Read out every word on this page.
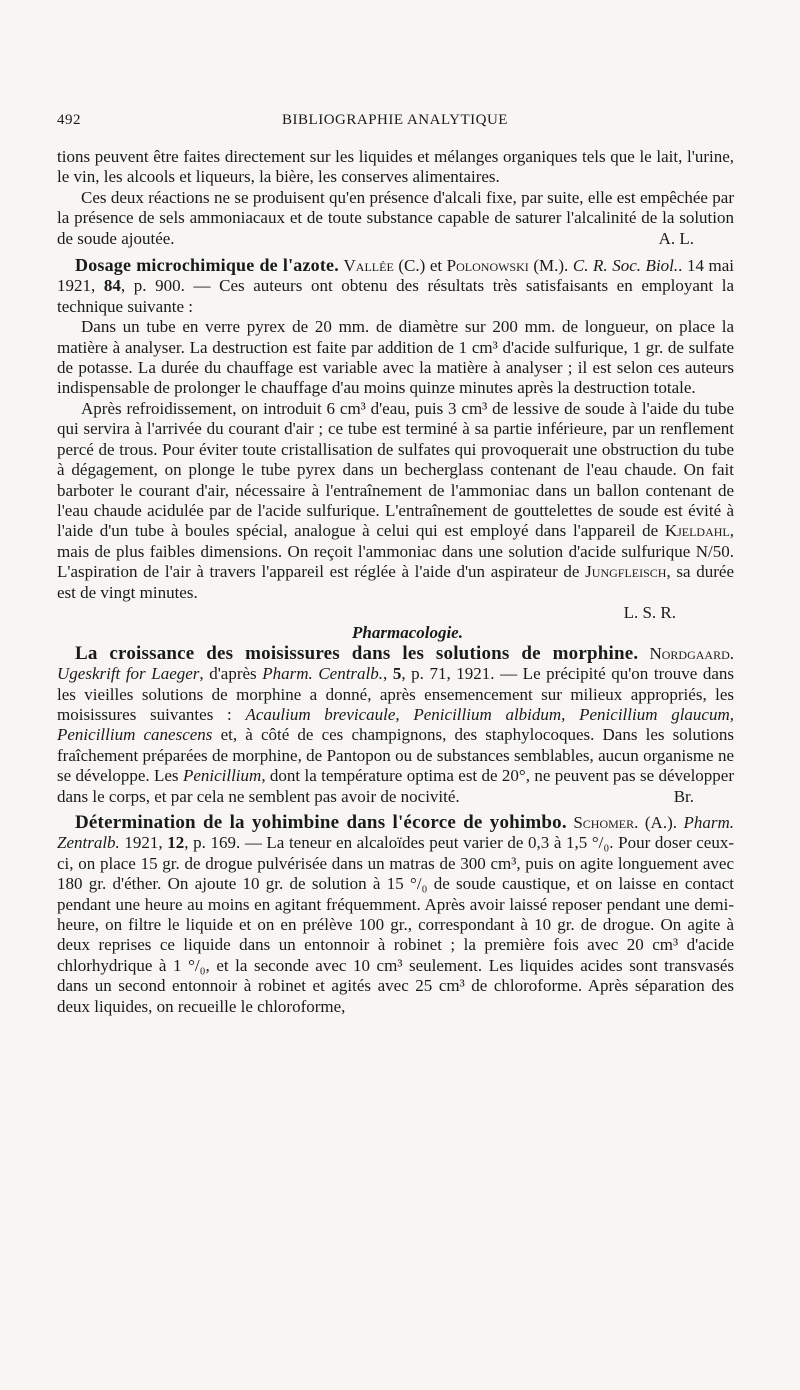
492	BIBLIOGRAPHIE ANALYTIQUE

tions peuvent être faites directement sur les liquides et mélanges organiques tels que le lait, l'urine, le vin, les alcools et liqueurs, la bière, les conserves alimentaires.

Ces deux réactions ne se produisent qu'en présence d'alcali fixe, par suite, elle est empêchée par la présence de sels ammoniacaux et de toute substance capable de saturer l'alcalinité de la solution de soude ajoutée.	A. L.

Dosage microchimique de l'azote. Vallée (C.) et Polonowski (M.). C. R. Soc. Biol.. 14 mai 1921, 84, p. 900. — Ces auteurs ont obtenu des résultats très satisfaisants en employant la technique suivante :

Dans un tube en verre pyrex de 20 mm. de diamètre sur 200 mm. de longueur, on place la matière à analyser. La destruction est faite par addition de 1 cm³ d'acide sulfurique, 1 gr. de sulfate de potasse. La durée du chauffage est variable avec la matière à analyser ; il est selon ces auteurs indispensable de prolonger le chauffage d'au moins quinze minutes après la destruction totale.

Après refroidissement, on introduit 6 cm³ d'eau, puis 3 cm³ de lessive de soude à l'aide du tube qui servira à l'arrivée du courant d'air ; ce tube est terminé à sa partie inférieure, par un renflement percé de trous. Pour éviter toute cristallisation de sulfates qui provoquerait une obstruction du tube à dégagement, on plonge le tube pyrex dans un becherglass contenant de l'eau chaude. On fait barboter le courant d'air, nécessaire à l'entraînement de l'ammoniac dans un ballon contenant de l'eau chaude acidulée par de l'acide sulfurique. L'entraînement de gouttelettes de soude est évité à l'aide d'un tube à boules spécial, analogue à celui qui est employé dans l'appareil de Kjeldahl, mais de plus faibles dimensions. On reçoit l'ammoniac dans une solution d'acide sulfurique N/50. L'aspiration de l'air à travers l'appareil est réglée à l'aide d'un aspirateur de Jungfleisch, sa durée est de vingt minutes.

L. S. R.

Pharmacologie.

La croissance des moisissures dans les solutions de morphine. Nordgaard. Ugeskrift for Laeger, d'après Pharm. Centralb., 5, p. 71, 1921. — Le précipité qu'on trouve dans les vieilles solutions de morphine a donné, après ensemencement sur milieux appropriés, les moisissures suivantes : Acaulium brevicaule, Penicillium albidum, Penicillium glaucum, Penicillium canescens et, à côté de ces champignons, des staphylocoques. Dans les solutions fraîchement préparées de morphine, de Pantopon ou de substances semblables, aucun organisme ne se développe. Les Penicillium, dont la température optima est de 20°, ne peuvent pas se développer dans le corps, et par cela ne semblent pas avoir de nocivité.	Br.

Détermination de la yohimbine dans l'écorce de yohimbo. Schomer. (A.). Pharm. Zentralb. 1921, 12, p. 169. — La teneur en alcaloïdes peut varier de 0,3 à 1,5 °/₀. Pour doser ceux-ci, on place 15 gr. de drogue pulvérisée dans un matras de 300 cm³, puis on agite longuement avec 180 gr. d'éther. On ajoute 10 gr. de solution à 15 °/₀ de soude caustique, et on laisse en contact pendant une heure au moins en agitant fréquemment. Après avoir laissé reposer pendant une demi-heure, on filtre le liquide et on en prélève 100 gr., correspondant à 10 gr. de drogue. On agite à deux reprises ce liquide dans un entonnoir à robinet ; la première fois avec 20 cm³ d'acide chlorhydrique à 1 °/₀, et la seconde avec 10 cm³ seulement. Les liquides acides sont transvasés dans un second entonnoir à robinet et agités avec 25 cm³ de chloroforme. Après séparation des deux liquides, on recueille le chloroforme,
